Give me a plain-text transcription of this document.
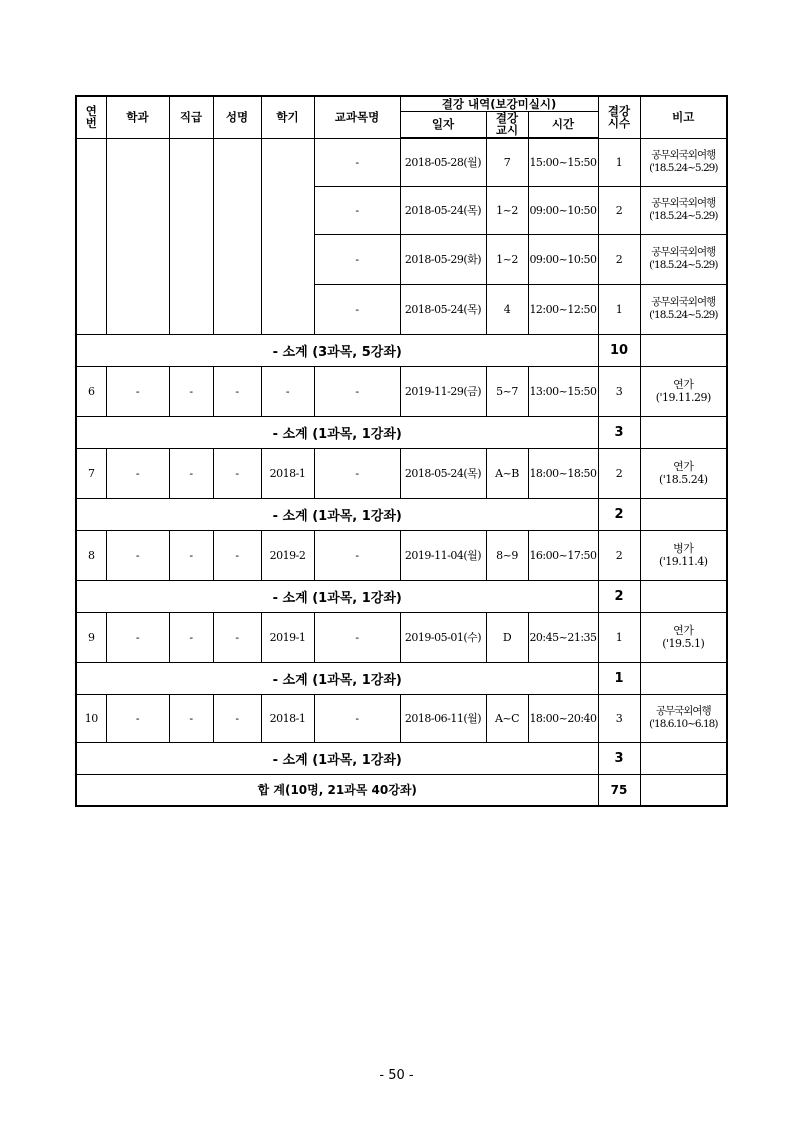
연번	학과	직급	성명	학기	교과목명	결강 내역(보강미실시)			결강 시수	비고
						일자	결강 교시	시간		
					-	2018-05-28(월)	7	15:00~15:50	1	공무외국외여행
('18.5.24~5.29)

					-	2018-05-24(목)	1~2	09:00~10:50	2	공무외국외여행
('18.5.24~5.29)

					-	2018-05-29(화)	1~2	09:00~10:50	2	공무외국외여행
('18.5.24~5.29)

					-	2018-05-24(목)	4	12:00~12:50	1	공무외국외여행
('18.5.24~5.29)

- 소계 (3과목, 5강좌)									10	
6	-	-	-	-	-	2019-11-29(금)	5~7	13:00~15:50	3	연가
('19.11.29)

- 소계 (1과목, 1강좌)									3	
7	-	-	-	2018-1	-	2018-05-24(목)	A~B	18:00~18:50	2	연가
('18.5.24)

- 소계 (1과목, 1강좌)									2	
8	-	-	-	2019-2	-	2019-11-04(월)	8~9	16:00~17:50	2	병가
('19.11.4)

- 소계 (1과목, 1강좌)									2	
9	-	-	-	2019-1	-	2019-05-01(수)	D	20:45~21:35	1	연가
('19.5.1)

- 소계 (1과목, 1강좌)									1	
10	-	-	-	2018-1	-	2018-06-11(월)	A~C	18:00~20:40	3	공무국외여행
('18.6.10~6.18)

- 소계 (1과목, 1강좌)									3	
합 계(10명, 21과목 40강좌)									75	
- 50 -
